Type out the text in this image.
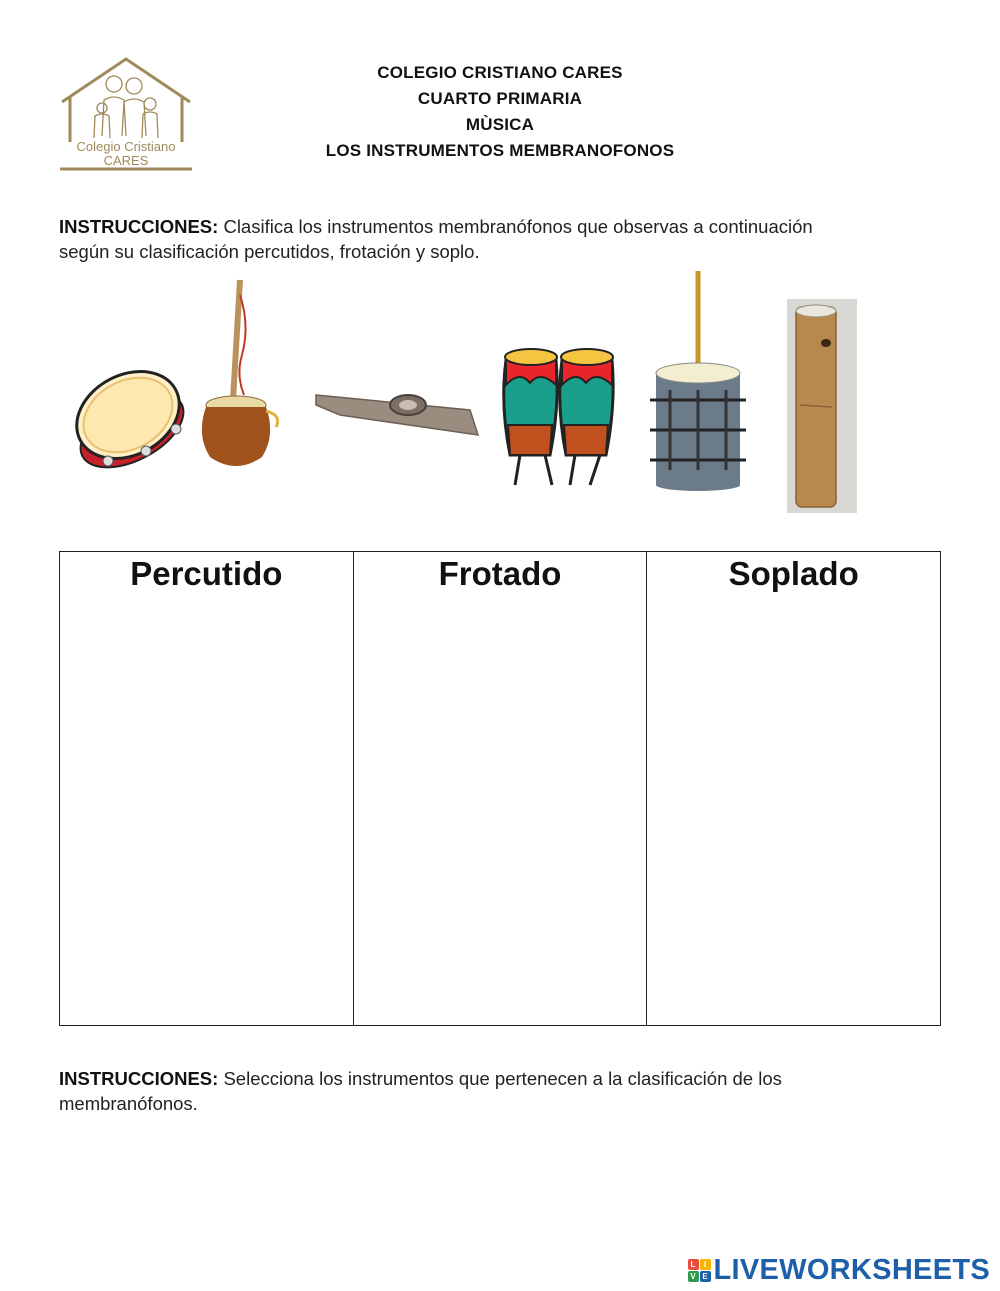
Colegio Cristiano
CARES
COLEGIO CRISTIANO CARES
CUARTO PRIMARIA
MÙSICA
LOS INSTRUMENTOS MEMBRANOFONOS
INSTRUCCIONES: Clasifica los instrumentos membranófonos que observas a continuación
según su clasificación percutidos, frotación y soplo.
Percutido	Frotado	Soplado
INSTRUCCIONES: Selecciona los instrumentos que pertenecen a la clasificación de los
membranófonos.
L	I
V E LIVEWORKSHEETS
